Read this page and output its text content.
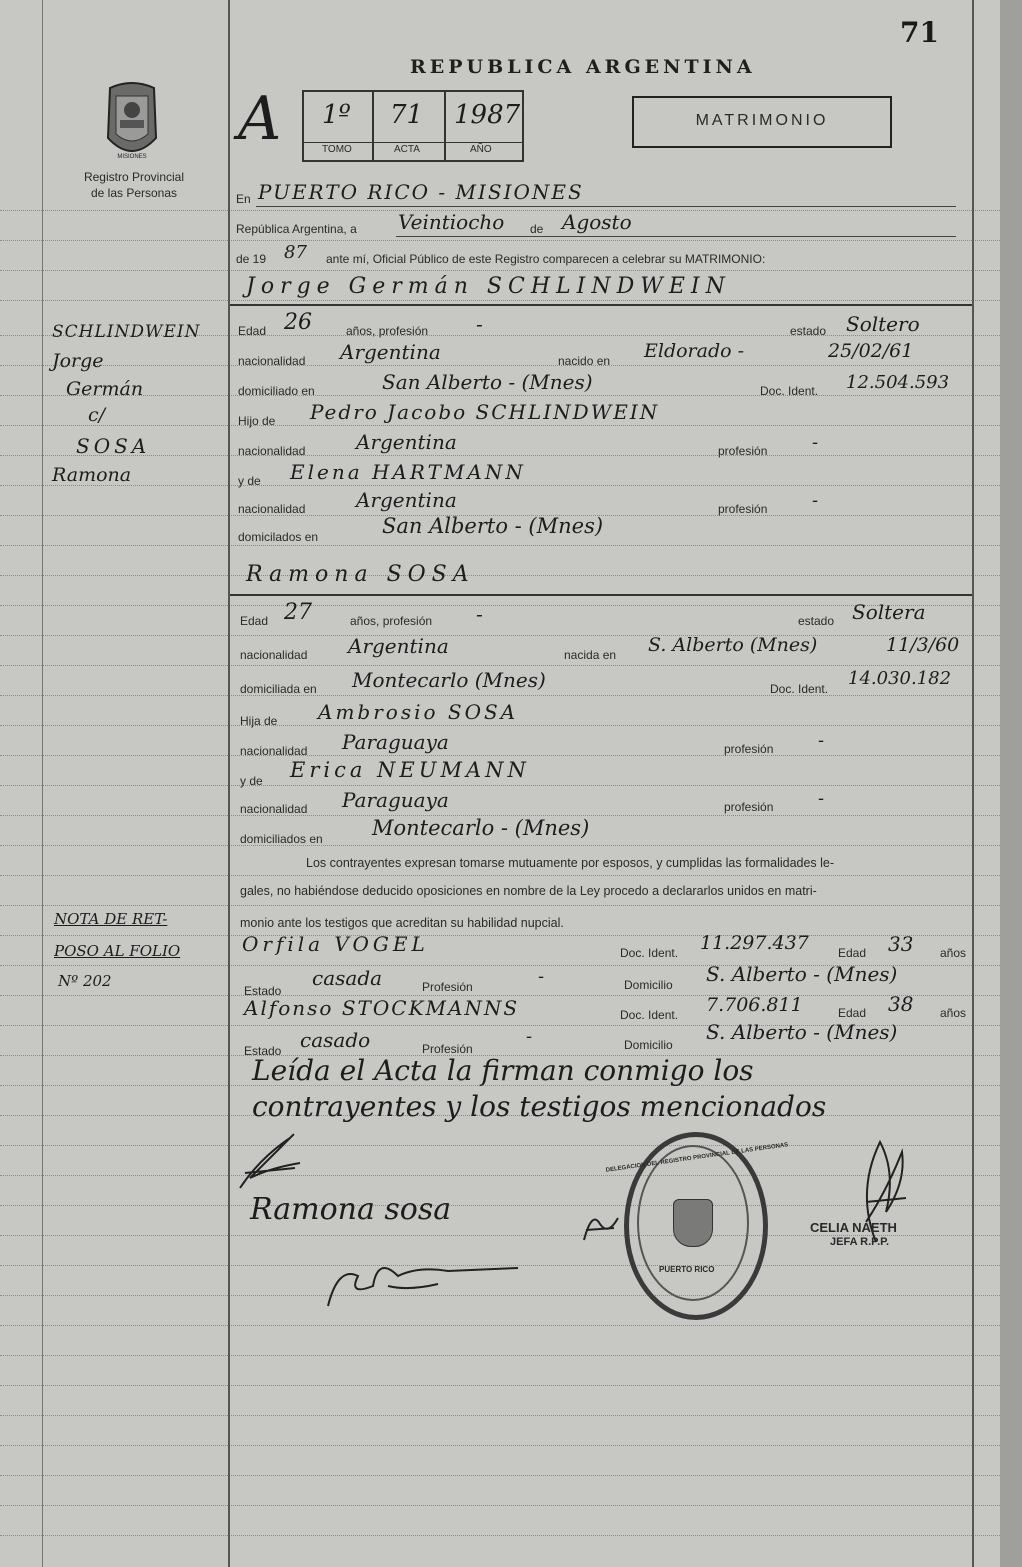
71
MISIONES
Registro Provincial
de las Personas
REPUBLICA ARGENTINA
A 1º 71 1987
TOMO	ACTA	AÑO
MATRIMONIO
En PUERTO RICO - MISIONES
República Argentina, a Veintiocho de Agosto
de 19 87 ante mí, Oficial Público de este Registro comparecen a celebrar su MATRIMONIO:
Jorge Germán SCHLINDWEIN
Edad 26	años, profesión -	estado Soltero
nacionalidad Argentina	nacido en Eldorado -	25/02/61
domiciliado en	San Alberto - (Mnes)	Doc. Ident. 12.504.593
Hijo de Pedro Jacobo SCHLINDWEIN
nacionalidad	Argentina	profesión -
y de Elena HARTMANN
nacionalidad	Argentina	profesión -
domicilados en	San Alberto - (Mnes)
Ramona SOSA
Edad 27	años, profesión -	estado Soltera
nacionalidad Argentina	nacida en S. Alberto (Mnes)	11/3/60
domiciliada en Montecarlo (Mnes)	Doc. Ident. 14.030.182
Hija de Ambrosio SOSA
nacionalidad Paraguaya	profesión -
y de Erica NEUMANN
nacionalidad Paraguaya	profesión -
domiciliados en Montecarlo - (Mnes)
Los contrayentes expresan tomarse mutuamente por esposos, y cumplidas las formalidades le-
gales, no habiéndose deducido oposiciones en nombre de la Ley procedo a declararlos unidos en matri-
monio ante los testigos que acreditan su habilidad nupcial.
Orfila VOGEL	Doc. Ident. 11.297.437 Edad 33 años
Estado
casada	Profesión	-	Domicilio S. Alberto - (Mnes)
Alfonso STOCKMANNS	Doc. Ident. 7.706.811	Edad 38 años
Estado casado	Profesión
-	Domicilio
S. Alberto - (Mnes)
Leída el Acta la firman conmigo los
contrayentes y los testigos mencionados
Ramona sosa
DELEGACION DEL REGISTRO PROVINCIAL DE LAS PERSONAS
PUERTO RICO
CELIA NAETH
JEFA R.P.P.
SCHLINDWEIN
Jorge
Germán
c/
SOSA
Ramona
NOTA DE RET-
POSO AL FOLIO
Nº 202
